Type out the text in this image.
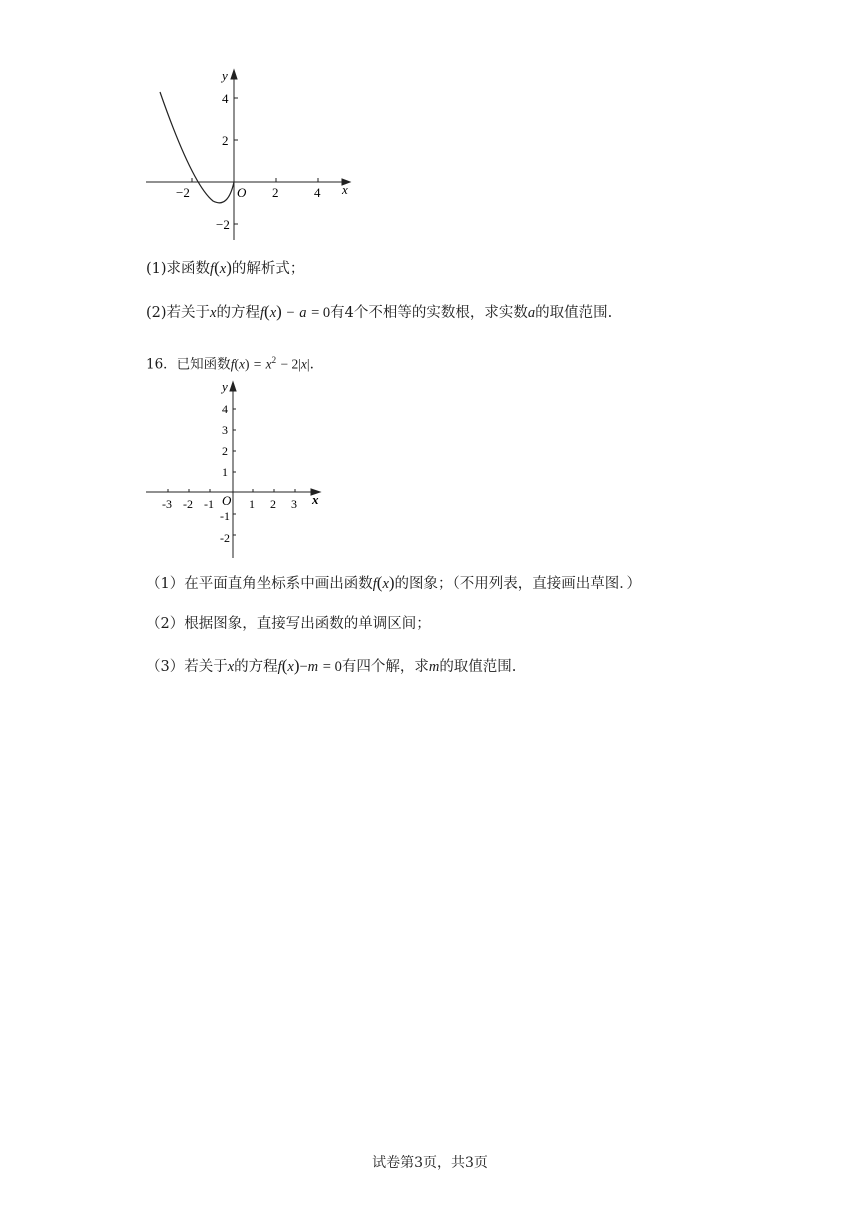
y
x
O
4
2
−2
−2	2	4
(1)求函数f(x)的解析式；
(2)若关于x的方程f(x) − a = 0有4个不相等的实数根，求实数a的取值范围.
16．已知函数$f(x) = x^2 - 2|x|$.
y
x
O
4
3
2
1
-1
-2
-3 -2 -1	1 2 3
（1）在平面直角坐标系中画出函数f(x)的图象；（不用列表，直接画出草图．）
（2）根据图象，直接写出函数的单调区间；
（3）若关于x的方程f(x)−m = 0有四个解，求m的取值范围.
试卷第3页，共3页
